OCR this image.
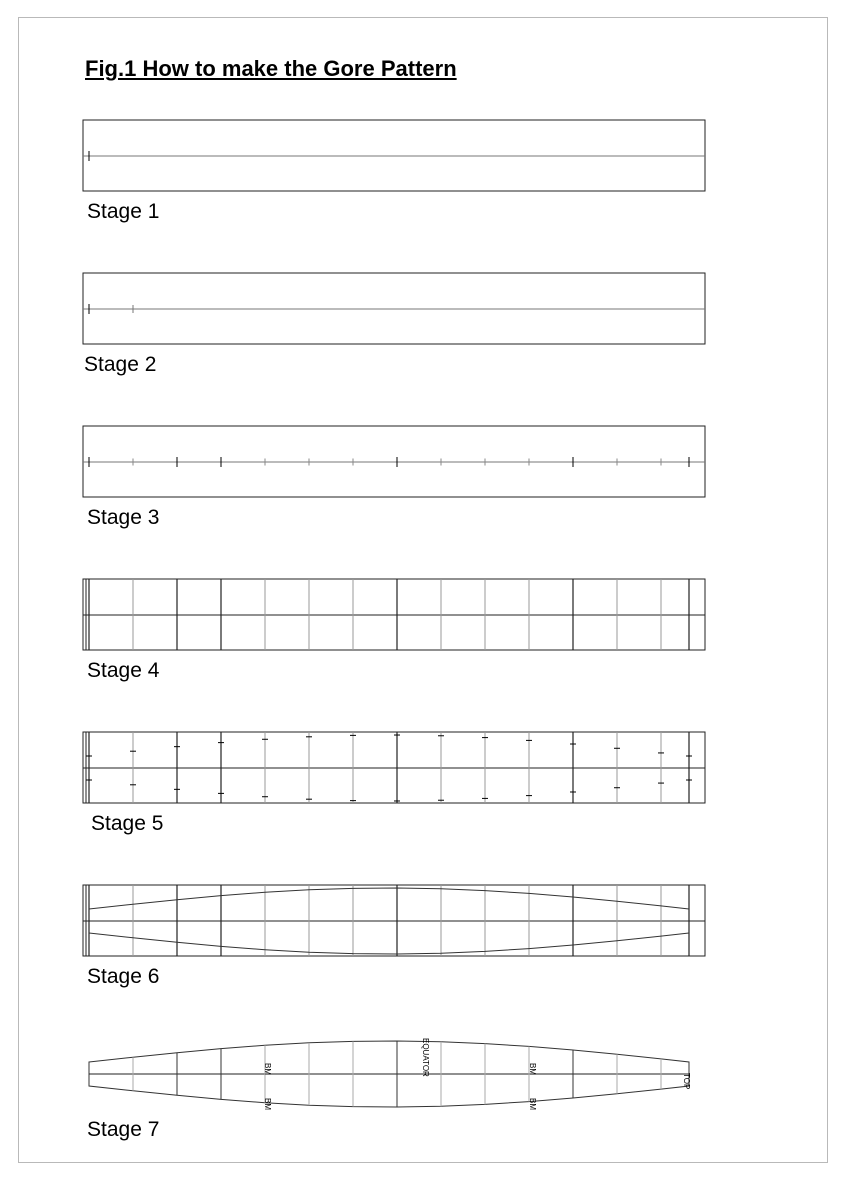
Fig.1 How to make the Gore Pattern
EQUATOR
BM
BM
BM
BM
TOP
Stage 1
Stage 2
Stage 3
Stage 4
Stage 5
Stage 6
Stage 7
